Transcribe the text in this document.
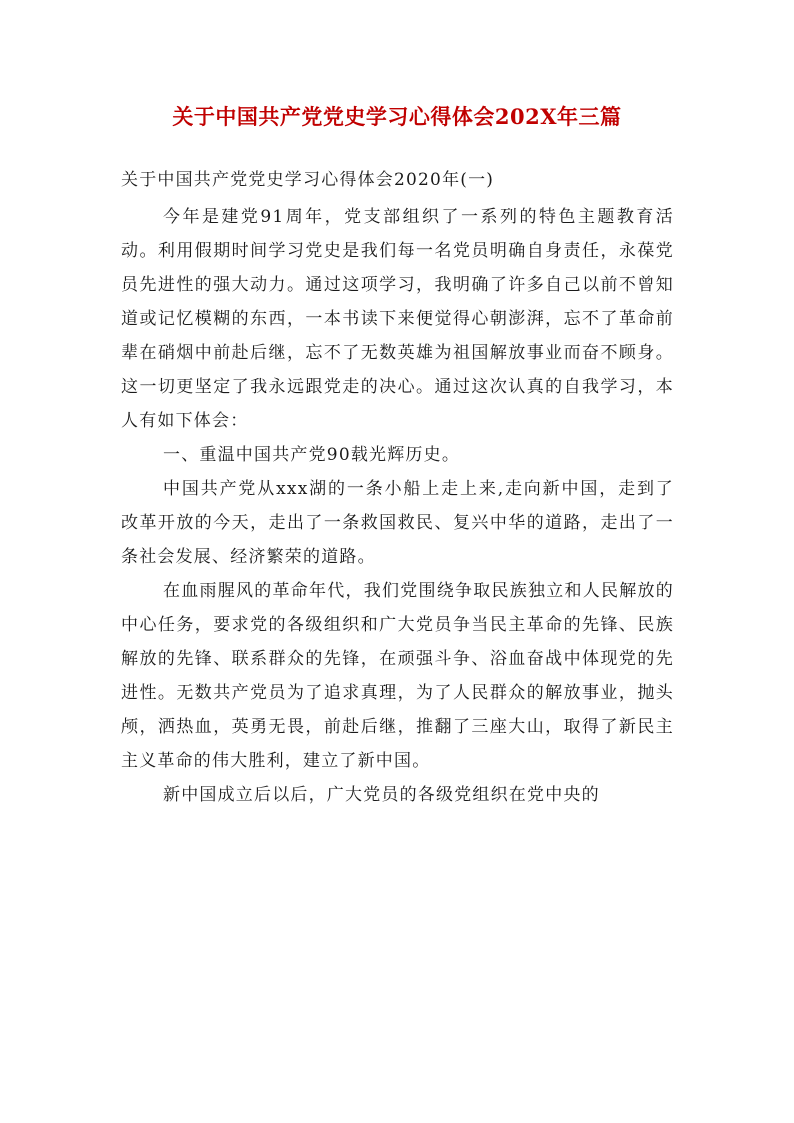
关于中国共产党党史学习心得体会202X年三篇
关于中国共产党党史学习心得体会2020年(一)

今年是建党91周年，党支部组织了一系列的特色主题教育活动。利用假期时间学习党史是我们每一名党员明确自身责任，永葆党员先进性的强大动力。通过这项学习，我明确了许多自己以前不曾知道或记忆模糊的东西，一本书读下来便觉得心朝澎湃，忘不了革命前辈在硝烟中前赴后继，忘不了无数英雄为祖国解放事业而奋不顾身。这一切更坚定了我永远跟党走的决心。通过这次认真的自我学习，本人有如下体会：

一、重温中国共产党90载光辉历史。

中国共产党从xxx湖的一条小船上走上来,走向新中国，走到了改革开放的今天，走出了一条救国救民、复兴中华的道路，走出了一条社会发展、经济繁荣的道路。

在血雨腥风的革命年代，我们党围绕争取民族独立和人民解放的中心任务，要求党的各级组织和广大党员争当民主革命的先锋、民族解放的先锋、联系群众的先锋，在顽强斗争、浴血奋战中体现党的先进性。无数共产党员为了追求真理，为了人民群众的解放事业，抛头颅，洒热血，英勇无畏，前赴后继，推翻了三座大山，取得了新民主主义革命的伟大胜利，建立了新中国。

新中国成立后以后，广大党员的各级党组织在党中央的
